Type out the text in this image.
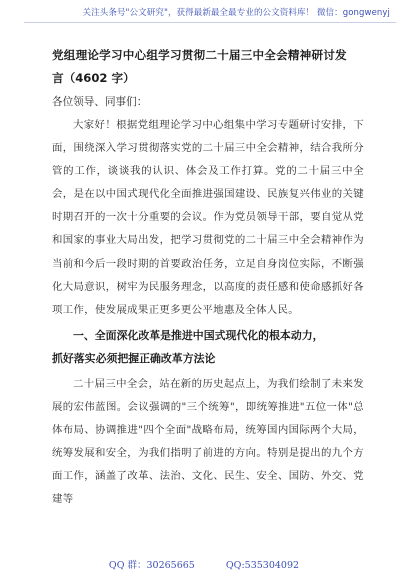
关注头条号"公文研究"，获得最新最全最专业的公文资料库！ 微信：gongwenyj
党组理论学习中心组学习贯彻二十届三中全会精神研讨发
言（4602 字）

各位领导、同事们：

大家好！根据党组理论学习中心组集中学习专题研讨安排，下面，围绕深入学习贯彻落实党的二十届三中全会精神，结合我所分管的工作，谈谈我的认识、体会及工作打算。党的二十届三中全会，是在以中国式现代化全面推进强国建设、民族复兴伟业的关键时期召开的一次十分重要的会议。作为党员领导干部，要自觉从党和国家的事业大局出发，把学习贯彻党的二十届三中全会精神作为当前和今后一段时期的首要政治任务，立足自身岗位实际，不断强化大局意识，树牢为民服务理念，以高度的责任感和使命感抓好各项工作，使发展成果正更多更公平地惠及全体人民。

一、全面深化改革是推进中国式现代化的根本动力，
抓好落实必须把握正确改革方法论

二十届三中全会，站在新的历史起点上，为我们绘制了未来发展的宏伟蓝图。会议强调的"三个统筹"，即统筹推进"五位一体"总体布局、协调推进"四个全面"战略布局，统筹国内国际两个大局，统筹发展和安全，为我们指明了前进的方向。特别是提出的九个方面工作，涵盖了改革、法治、文化、民生、安全、国防、外交、党建等

QQ 群：30265665	QQ:535304092
